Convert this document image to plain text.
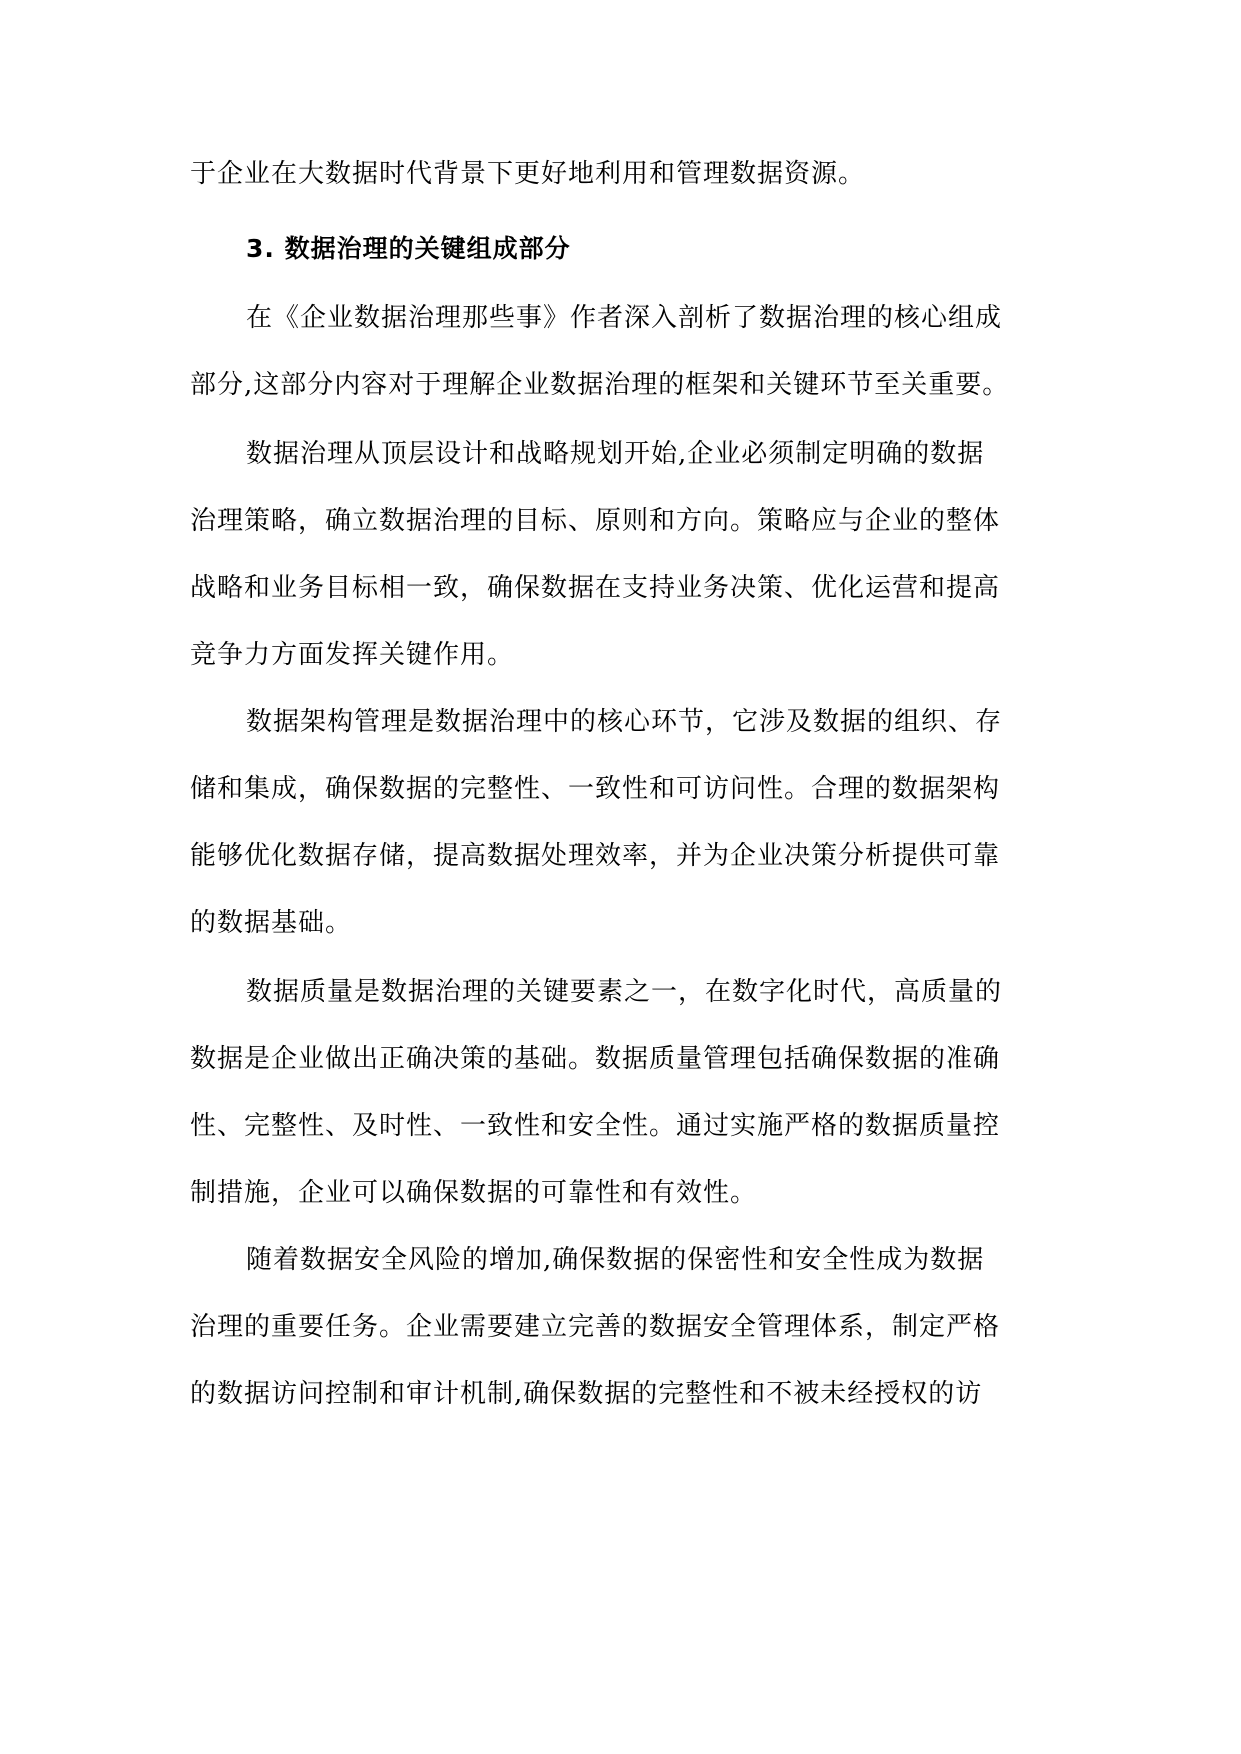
于企业在大数据时代背景下更好地利用和管理数据资源。
3. 数据治理的关键组成部分
在《企业数据治理那些事》作者深入剖析了数据治理的核心组成
部分,这部分内容对于理解企业数据治理的框架和关键环节至关重要。
数据治理从顶层设计和战略规划开始,企业必须制定明确的数据
治理策略，确立数据治理的目标、原则和方向。策略应与企业的整体
战略和业务目标相一致，确保数据在支持业务决策、优化运营和提高
竞争力方面发挥关键作用。
数据架构管理是数据治理中的核心环节，它涉及数据的组织、存
储和集成，确保数据的完整性、一致性和可访问性。合理的数据架构
能够优化数据存储，提高数据处理效率，并为企业决策分析提供可靠
的数据基础。
数据质量是数据治理的关键要素之一，在数字化时代，高质量的
数据是企业做出正确决策的基础。数据质量管理包括确保数据的准确
性、完整性、及时性、一致性和安全性。通过实施严格的数据质量控
制措施，企业可以确保数据的可靠性和有效性。
随着数据安全风险的增加,确保数据的保密性和安全性成为数据
治理的重要任务。企业需要建立完善的数据安全管理体系，制定严格
的数据访问控制和审计机制,确保数据的完整性和不被未经授权的访
